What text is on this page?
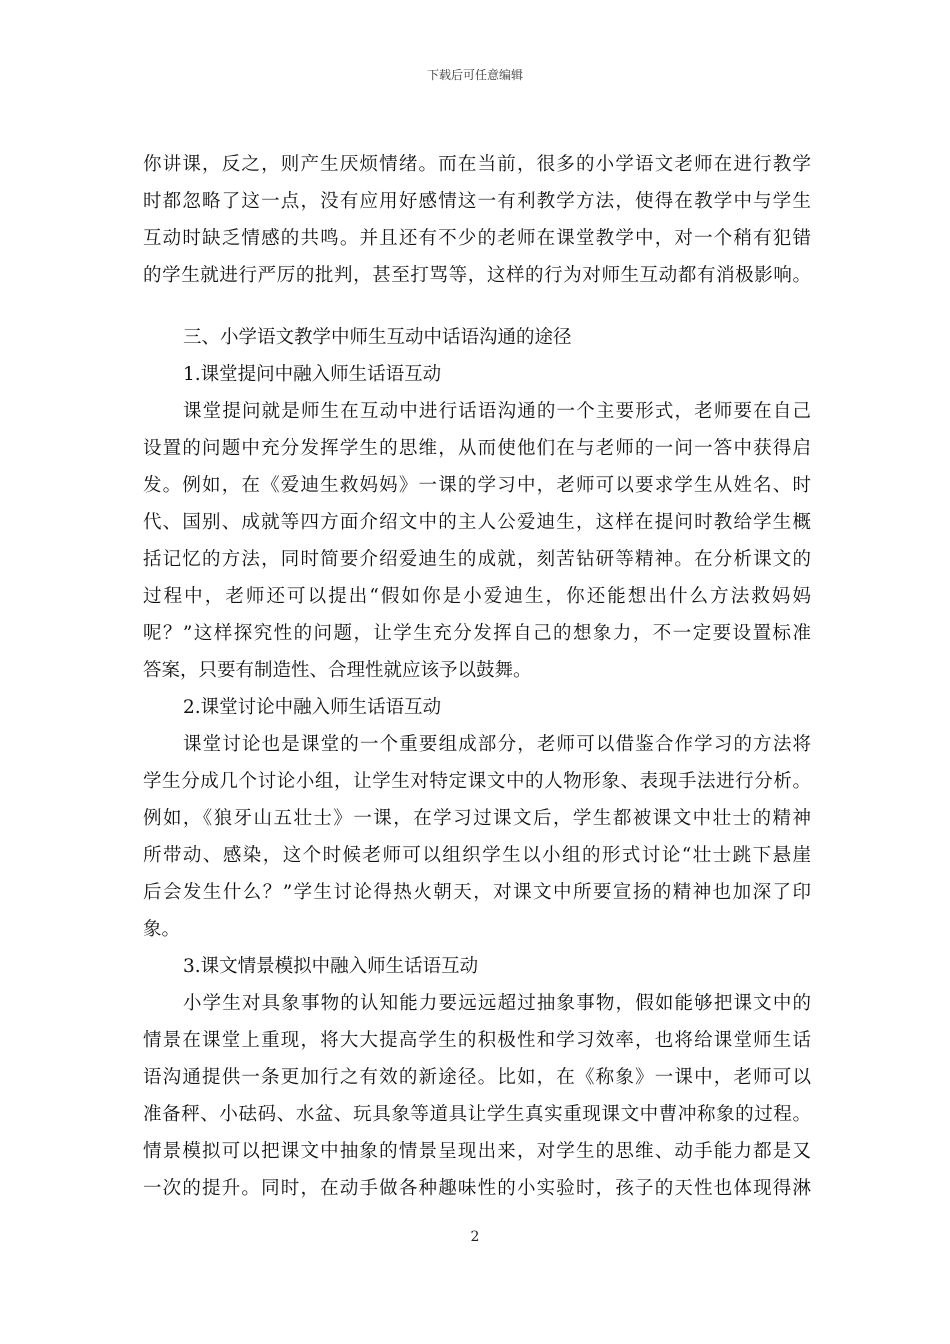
下载后可任意编辑
你讲课，反之，则产生厌烦情绪。而在当前，很多的小学语文老师在进行教学
时都忽略了这一点，没有应用好感情这一有利教学方法，使得在教学中与学生
互动时缺乏情感的共鸣。并且还有不少的老师在课堂教学中，对一个稍有犯错
的学生就进行严厉的批判，甚至打骂等，这样的行为对师生互动都有消极影响。
三、小学语文教学中师生互动中话语沟通的途径
1.课堂提问中融入师生话语互动
课堂提问就是师生在互动中进行话语沟通的一个主要形式，老师要在自己
设置的问题中充分发挥学生的思维，从而使他们在与老师的一问一答中获得启
发。例如，在《爱迪生救妈妈》一课的学习中，老师可以要求学生从姓名、时
代、国别、成就等四方面介绍文中的主人公爱迪生，这样在提问时教给学生概
括记忆的方法，同时简要介绍爱迪生的成就，刻苦钻研等精神。在分析课文的
过程中，老师还可以提出“假如你是小爱迪生，你还能想出什么方法救妈妈
呢？”这样探究性的问题，让学生充分发挥自己的想象力，不一定要设置标准
答案，只要有制造性、合理性就应该予以鼓舞。
2.课堂讨论中融入师生话语互动
课堂讨论也是课堂的一个重要组成部分，老师可以借鉴合作学习的方法将
学生分成几个讨论小组，让学生对特定课文中的人物形象、表现手法进行分析。
例如，《狼牙山五壮士》一课，在学习过课文后，学生都被课文中壮士的精神
所带动、感染，这个时候老师可以组织学生以小组的形式讨论“壮士跳下悬崖
后会发生什么？”学生讨论得热火朝天，对课文中所要宣扬的精神也加深了印
象。
3.课文情景模拟中融入师生话语互动
小学生对具象事物的认知能力要远远超过抽象事物，假如能够把课文中的
情景在课堂上重现，将大大提高学生的积极性和学习效率，也将给课堂师生话
语沟通提供一条更加行之有效的新途径。比如，在《称象》一课中，老师可以
准备秤、小砝码、水盆、玩具象等道具让学生真实重现课文中曹冲称象的过程。
情景模拟可以把课文中抽象的情景呈现出来，对学生的思维、动手能力都是又
一次的提升。同时，在动手做各种趣味性的小实验时，孩子的天性也体现得淋
2
